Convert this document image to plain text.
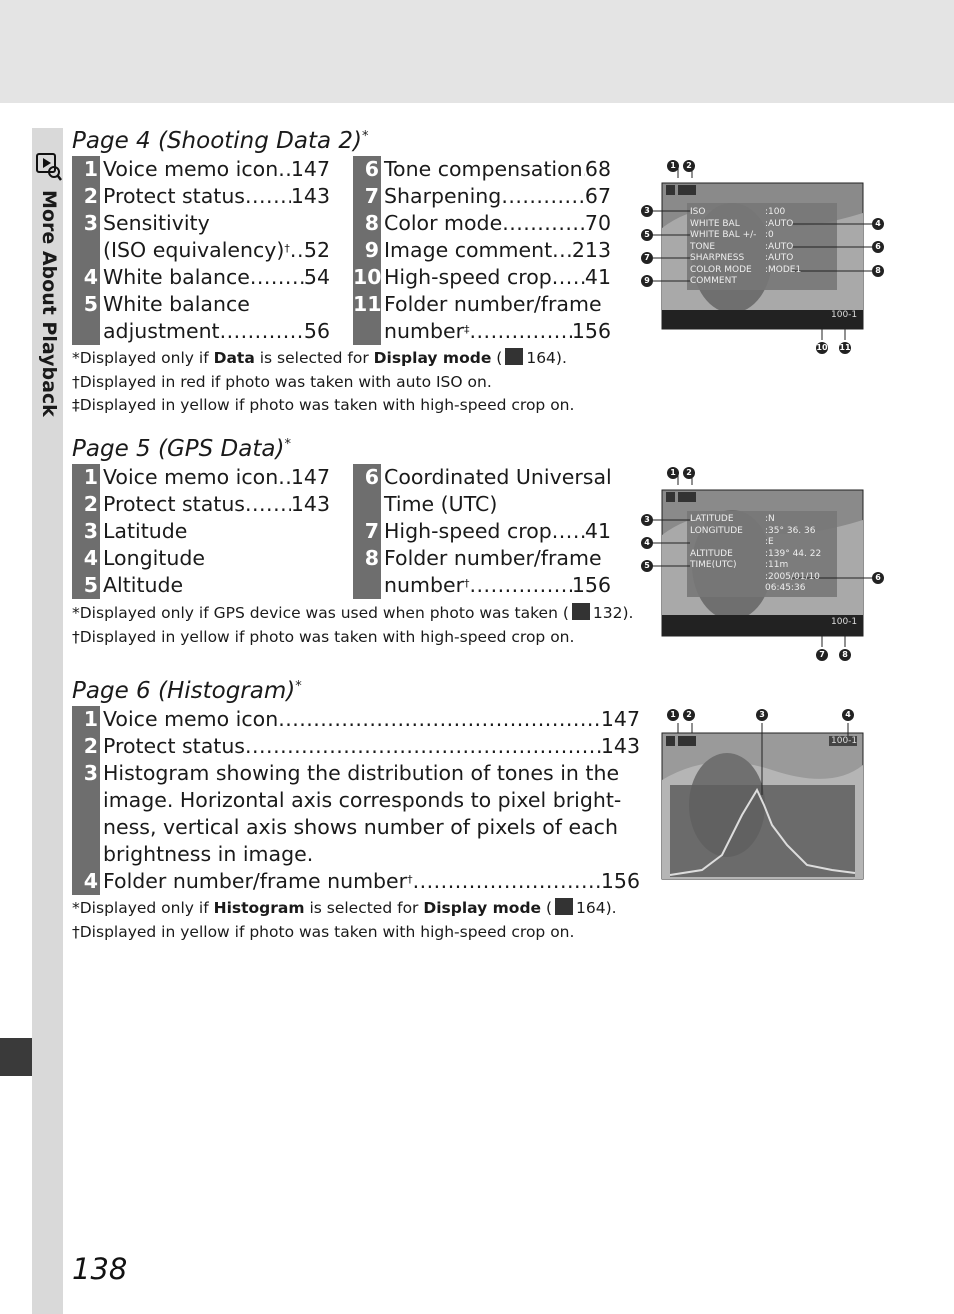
More About Playback
Page 4 (Shooting Data 2)*
1 Voice memo icon ..... 147
2 Protect status ..... 143
3 Sensitivity
(ISO equivalency)† ..... 52
4 White balance .....	54
5 White balance
adjustment .....	56
6 Tone compensation ..... 68
7 Sharpening .....	67
8 Color mode .....	70
9 Image comment ..... 213
10 High-speed crop ..... 41
11 Folder number/frame
number‡ .....	156
*Displayed only if Data is selected for Display mode ( 164).
†Displayed in red if photo was taken with auto ISO on.
‡Displayed in yellow if photo was taken with high-speed crop on.
Page 5 (GPS Data)*
1 Voice memo icon ..... 147
2 Protect status ..... 143
3 Latitude
4 Longitude
5 Altitude
6 Coordinated Universal
Time (UTC)
7 High-speed crop ..... 41
8 Folder number/frame
number† .....	156
*Displayed only if GPS device was used when photo was taken ( 132).
†Displayed in yellow if photo was taken with high-speed crop on.
Page 6 (Histogram)*
1 Voice memo icon .....	147
2 Protect status .....	143
3 Histogram showing the distribution of tones in the
image. Horizontal axis corresponds to pixel bright-
ness, vertical axis shows number of pixels of each
brightness in image.
4 Folder number/frame number† .....	156
*Displayed only if Histogram is selected for Display mode ( 164).
†Displayed in yellow if photo was taken with high-speed crop on.
ISO
WHITE BAL
WHITE BAL +/-
TONE
SHARPNESS
COLOR MODE
COMMENT
:100
:AUTO
:0
:AUTO
:AUTO
:MODE1

100-1
1	2
3
4
5
6
7
8
9
10 11
LATITUDE
LONGITUDE

ALTITUDE
TIME(UTC)

:N
:35° 36. 36
:E
:139° 44. 22
:11m
:2005/01/10
06:45:36
100-1
1	2
3
4
5
6
7	8
100-1
1	2	3	4
138
